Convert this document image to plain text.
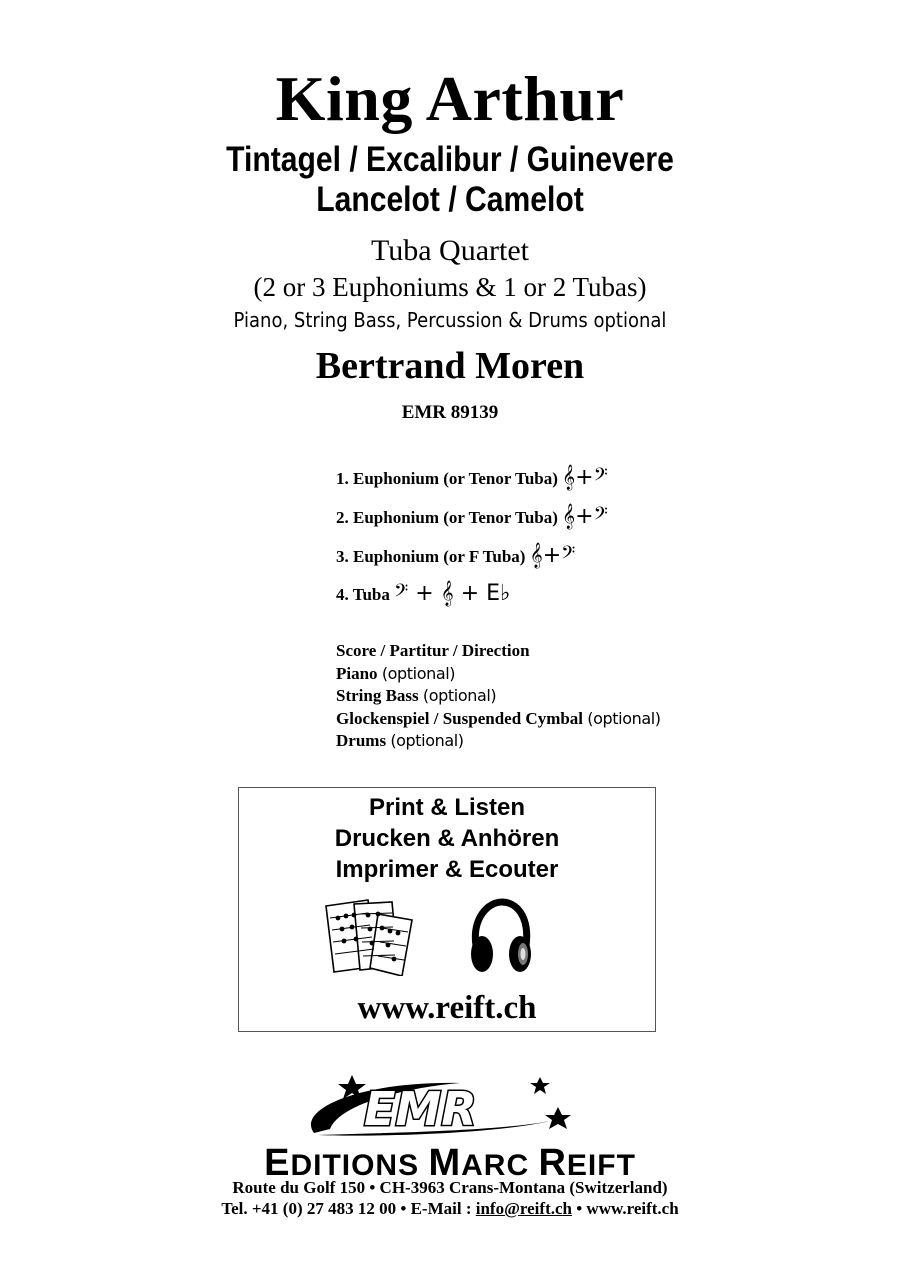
King Arthur
Tintagel / Excalibur / Guinevere
Lancelot / Camelot
Tuba Quartet
(2 or 3 Euphoniums & 1 or 2 Tubas)
Piano, String Bass, Percussion & Drums optional
Bertrand Moren
EMR 89139
1. Euphonium (or Tenor Tuba) 𝄞+𝄢
2. Euphonium (or Tenor Tuba) 𝄞+𝄢
3. Euphonium (or F Tuba) 𝄞+𝄢
4. Tuba 𝄢 + 𝄞 + E♭
Score / Partitur / Direction
Piano (optional)
String Bass (optional)
Glockenspiel / Suspended Cymbal (optional)
Drums (optional)
Print & Listen
Drucken & Anhören
Imprimer & Ecouter
www.reift.ch
EMR
EDITIONS MARC REIFT
Route du Golf 150 • CH-3963 Crans-Montana (Switzerland)
Tel. +41 (0) 27 483 12 00 • E-Mail : info@reift.ch • www.reift.ch
